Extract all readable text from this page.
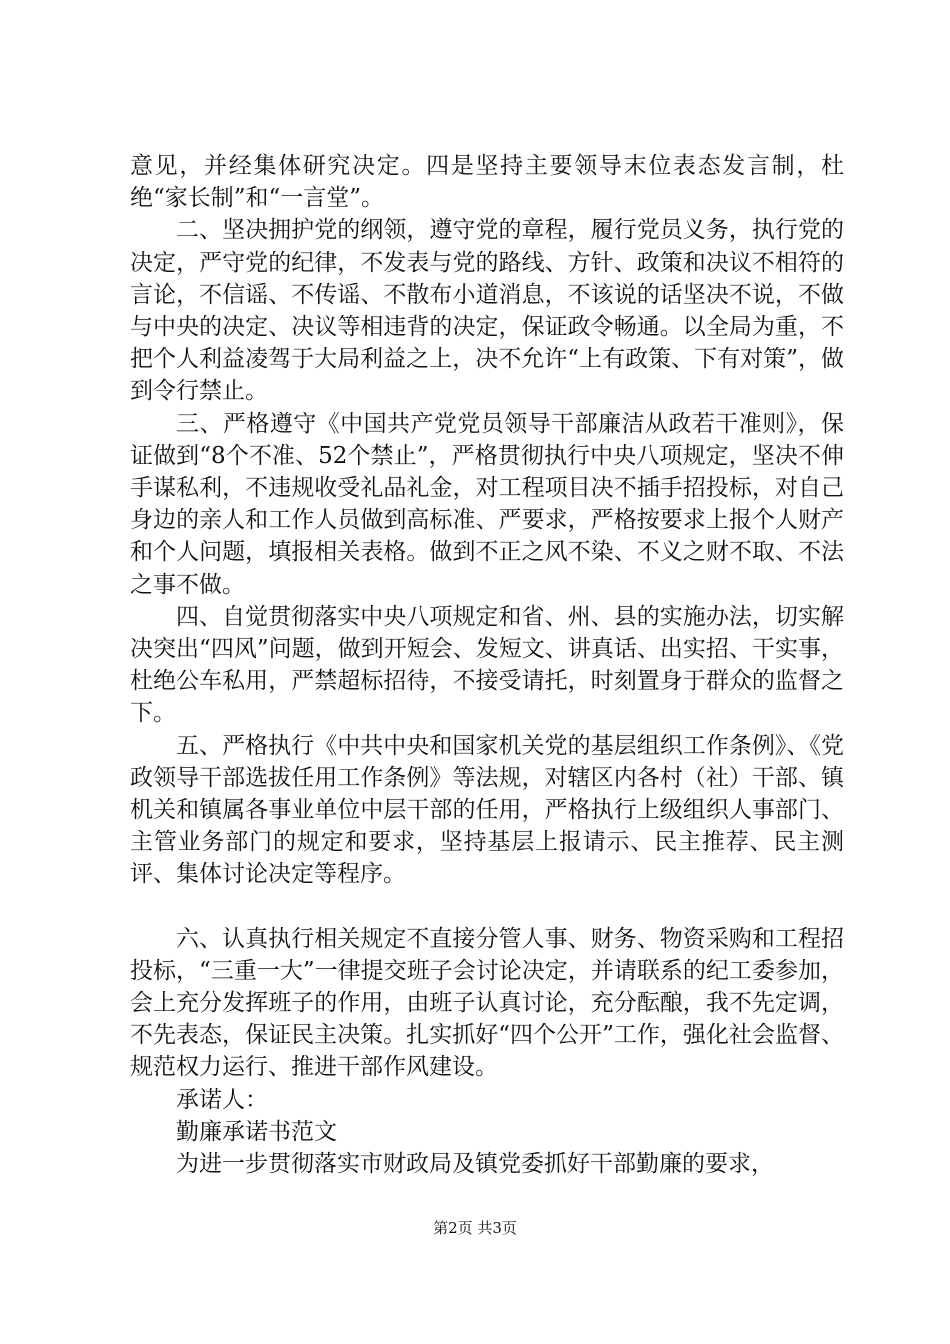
意见，并经集体研究决定。四是坚持主要领导末位表态发言制，杜绝“家长制”和“一言堂”。

二、坚决拥护党的纲领，遵守党的章程，履行党员义务，执行党的决定，严守党的纪律，不发表与党的路线、方针、政策和决议不相符的言论，不信谣、不传谣、不散布小道消息，不该说的话坚决不说，不做与中央的决定、决议等相违背的决定，保证政令畅通。以全局为重，不把个人利益凌驾于大局利益之上，决不允许“上有政策、下有对策”，做到令行禁止。

三、严格遵守《中国共产党党员领导干部廉洁从政若干准则》，保证做到“8个不准、52个禁止”，严格贯彻执行中央八项规定，坚决不伸手谋私利，不违规收受礼品礼金，对工程项目决不插手招投标，对自己身边的亲人和工作人员做到高标准、严要求，严格按要求上报个人财产和个人问题，填报相关表格。做到不正之风不染、不义之财不取、不法之事不做。

四、自觉贯彻落实中央八项规定和省、州、县的实施办法，切实解决突出“四风”问题，做到开短会、发短文、讲真话、出实招、干实事，杜绝公车私用，严禁超标招待，不接受请托，时刻置身于群众的监督之下。

五、严格执行《中共中央和国家机关党的基层组织工作条例》、《党政领导干部选拔任用工作条例》等法规，对辖区内各村（社）干部、镇机关和镇属各事业单位中层干部的任用，严格执行上级组织人事部门、主管业务部门的规定和要求，坚持基层上报请示、民主推荐、民主测评、集体讨论决定等程序。

六、认真执行相关规定不直接分管人事、财务、物资采购和工程招投标，“三重一大”一律提交班子会讨论决定，并请联系的纪工委参加，会上充分发挥班子的作用，由班子认真讨论，充分酝酿，我不先定调，不先表态，保证民主决策。扎实抓好“四个公开”工作，强化社会监督、规范权力运行、推进干部作风建设。

承诺人：

勤廉承诺书范文

为进一步贯彻落实市财政局及镇党委抓好干部勤廉的要求，

第2页 共3页
